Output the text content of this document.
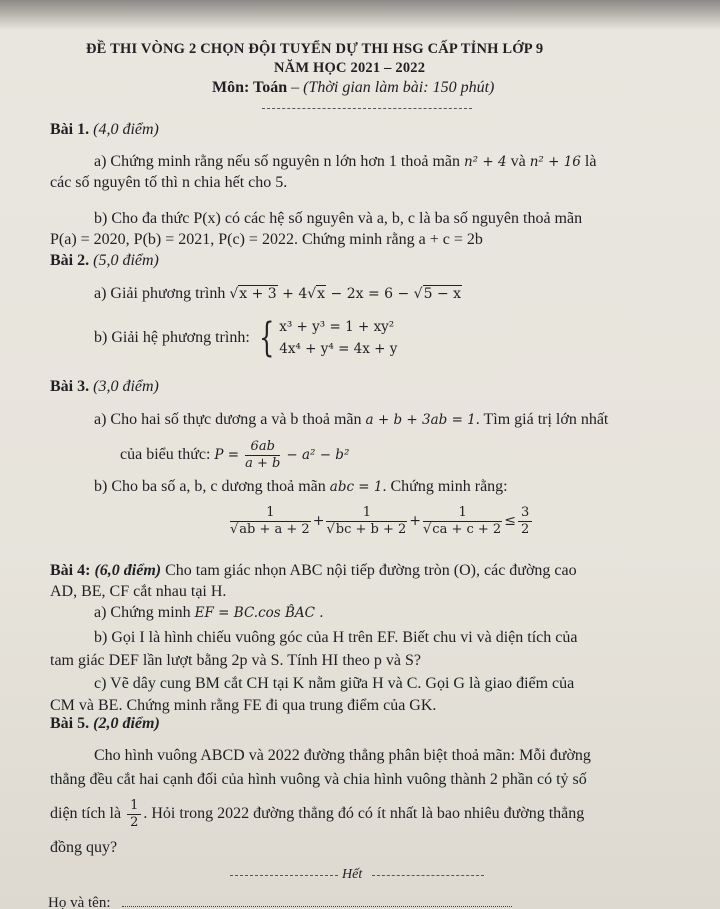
ĐỀ THI VÒNG 2 CHỌN ĐỘI TUYỂN DỰ THI HSG CẤP TỈNH LỚP 9
NĂM HỌC 2021 – 2022
Môn: Toán – (Thời gian làm bài: 150 phút)
Bài 1. (4,0 điểm)
a) Chứng minh rằng nếu số nguyên n lớn hơn 1 thoả mãn n² + 4 và n² + 16 là
các số nguyên tố thì n chia hết cho 5.
b) Cho đa thức P(x) có các hệ số nguyên và a, b, c là ba số nguyên thoả mãn
P(a) = 2020, P(b) = 2021, P(c) = 2022. Chứng minh rằng a + c = 2b
Bài 2. (5,0 điểm)
a) Giải phương trình √x + 3 + 4√x − 2x = 6 − √5 − x
b) Giải hệ phương trình: { x³ + y³ = 1 + xy²
4x⁴ + y⁴ = 4x + y
Bài 3. (3,0 điểm)
a) Cho hai số thực dương a và b thoả mãn a + b + 3ab = 1. Tìm giá trị lớn nhất
của biểu thức: $P = \frac{6ab}{a + b} - a^2 - b^2$
b) Cho ba số a, b, c dương thoả mãn abc = 1. Chứng minh rằng:
$\frac{1}{√ab + a + 2} + \frac{1}{√bc + b + 2} + \frac{1}{√ca + c + 2} \le \frac{3}{2}$
Bài 4: (6,0 điểm) Cho tam giác nhọn ABC nội tiếp đường tròn (O), các đường cao
AD, BE, CF cắt nhau tại H.
a) Chứng minh EF = BC.cos B̂AC .
b) Gọi I là hình chiếu vuông góc của H trên EF. Biết chu vi và diện tích của
tam giác DEF lần lượt bằng 2p và S. Tính HI theo p và S?
c) Vẽ dây cung BM cắt CH tại K nằm giữa H và C. Gọi G là giao điểm của
CM và BE. Chứng minh rằng FE đi qua trung điểm của GK.
Bài 5. (2,0 điểm)
Cho hình vuông ABCD và 2022 đường thẳng phân biệt thoả mãn: Mỗi đường
thẳng đều cắt hai cạnh đối của hình vuông và chia hình vuông thành 2 phần có tỷ số
diện tích là $\frac{1}{2}$ . Hỏi trong 2022 đường thẳng đó có ít nhất là bao nhiêu đường thẳng
đồng quy?
Hết
Họ và tên:
